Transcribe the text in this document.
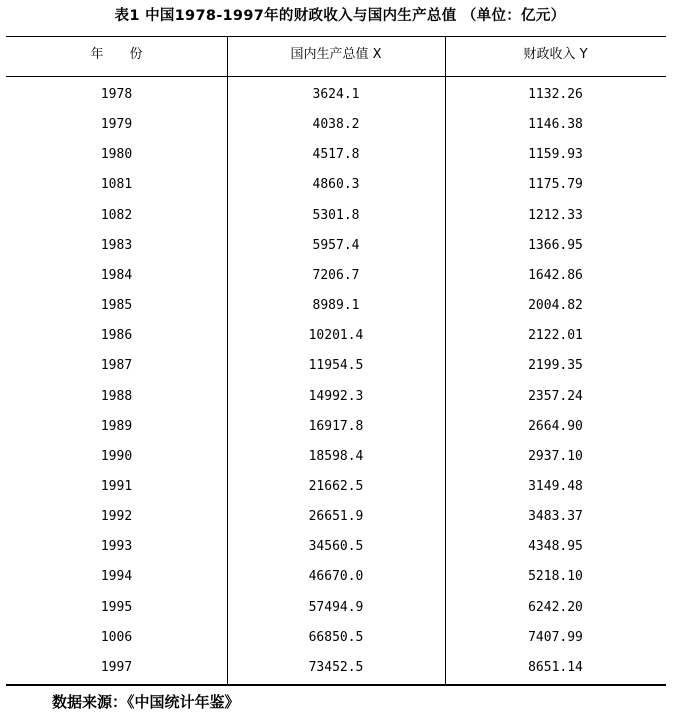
表1 中国1978-1997年的财政收入与国内生产总值 （单位：亿元）
年　　份	国内生产总值 X	财政收入 Y
1978	3624.1	1132.26
1979	4038.2	1146.38
1980	4517.8	1159.93
1081	4860.3	1175.79
1082	5301.8	1212.33
1983	5957.4	1366.95
1984	7206.7	1642.86
1985	8989.1	2004.82
1986	10201.4	2122.01
1987	11954.5	2199.35
1988	14992.3	2357.24
1989	16917.8	2664.90
1990	18598.4	2937.10
1991	21662.5	3149.48
1992	26651.9	3483.37
1993	34560.5	4348.95
1994	46670.0	5218.10
1995	57494.9	6242.20
1006	66850.5	7407.99
1997	73452.5	8651.14
数据来源：《中国统计年鉴》
